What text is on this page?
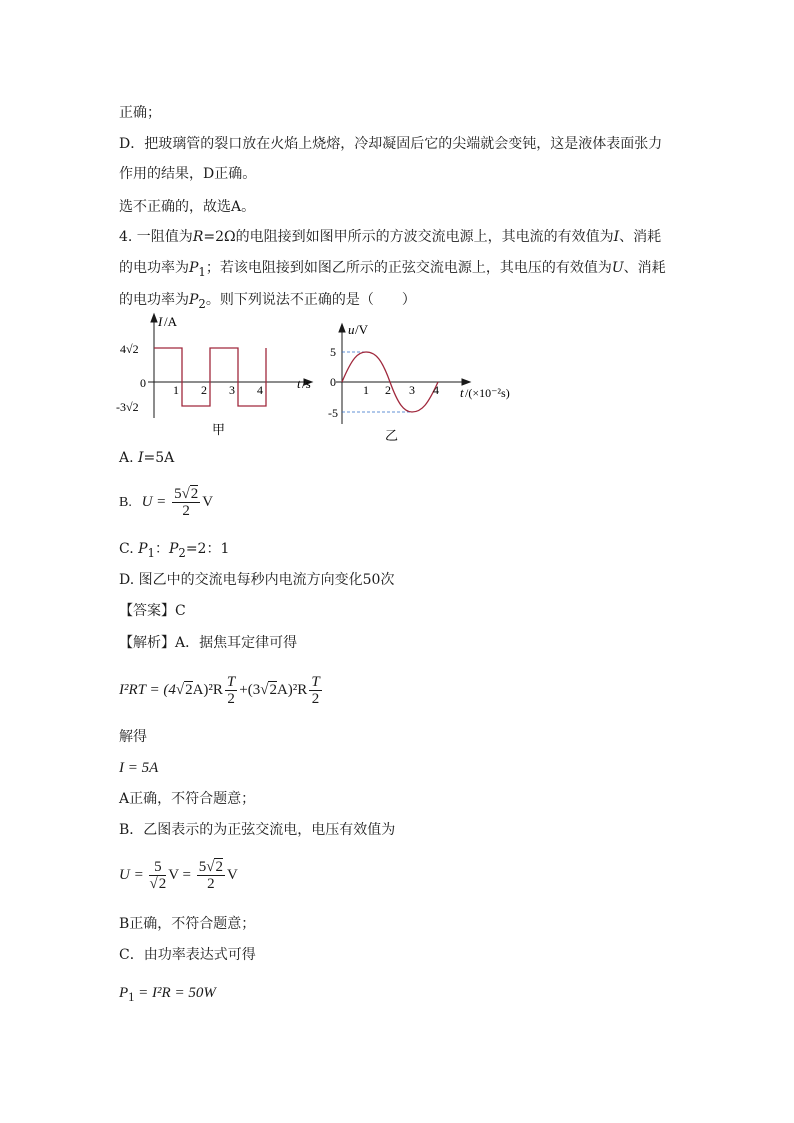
正确；
D．把玻璃管的裂口放在火焰上烧熔，冷却凝固后它的尖端就会变钝，这是液体表面张力
作用的结果，D正确。
选不正确的，故选A。
4. 一阻值为R=2Ω的电阻接到如图甲所示的方波交流电源上，其电流的有效值为I、消耗
的电功率为$P_1$；若该电阻接到如图乙所示的正弦交流电源上，其电压的有效值为U、消耗
的电功率为$P_2$。则下列说法不正确的是（　　）
I /A
4√2
-3√2
0 1 2 3 4	t /s
甲
u /V
5
-5
0
1 2 3 4 t /(×10⁻²s)
乙
A. I=5A
B. $U = \frac{5√2}{2}$ V
C. $P_1$：$P_2=2$：1
D. 图乙中的交流电每秒内电流方向变化50次
【答案】C
【解析】A．据焦耳定律可得
$I^2RT = (4√2A)^2R \frac{T}{2} +(3√2A)^2R \frac{T}{2}$
解得
I = 5A
A正确，不符合题意；
B．乙图表示的为正弦交流电，电压有效值为
$U = \frac{5}{√2}$ $V = \frac{5√2}{2}$ V
B正确，不符合题意；
C．由功率表达式可得
$P_1 = I^2R = 50W$
